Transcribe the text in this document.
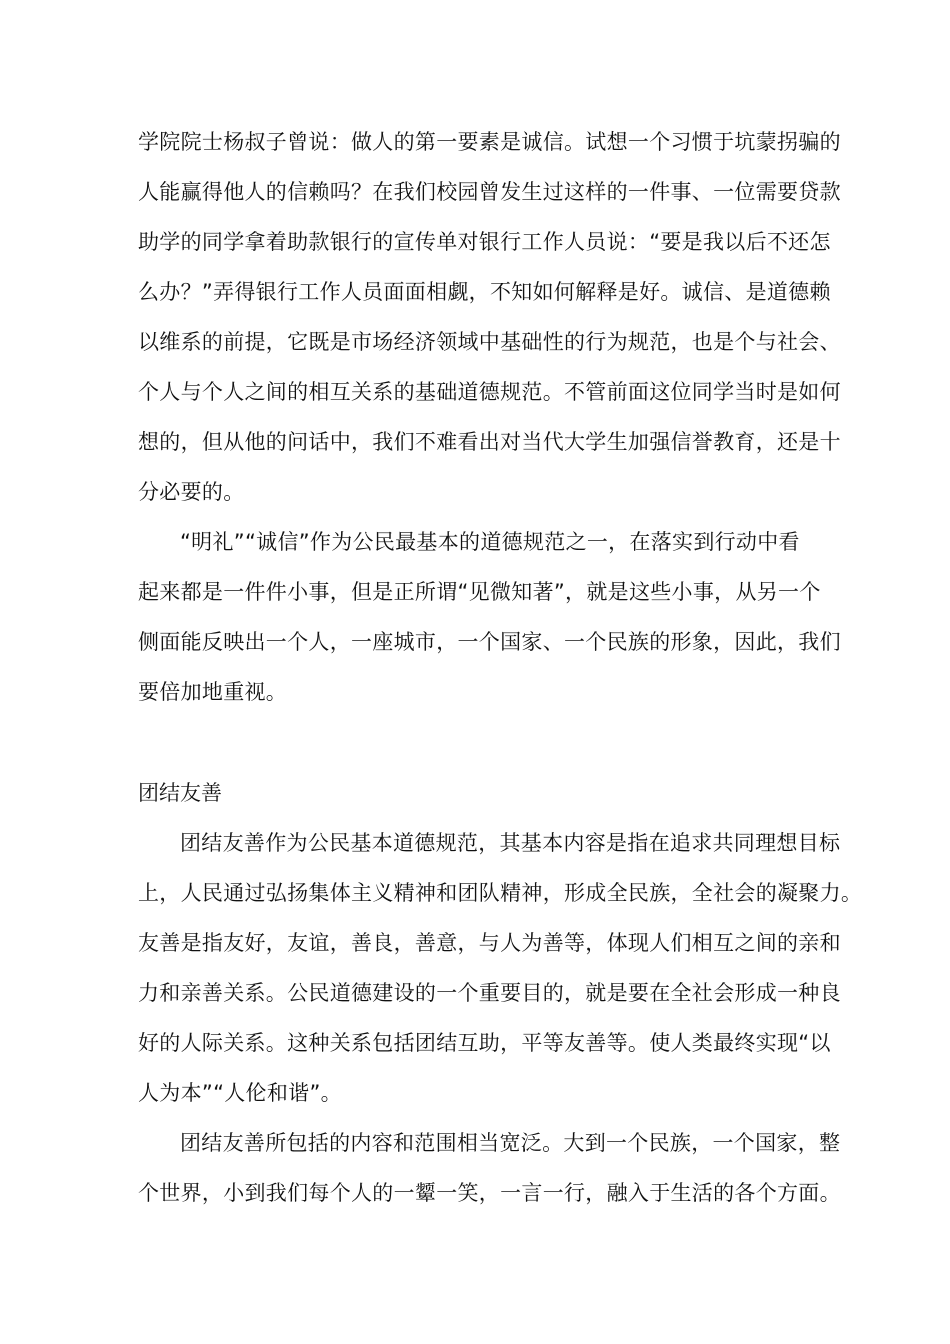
学院院士杨叔子曾说：做人的第一要素是诚信。试想一个习惯于坑蒙拐骗的
人能赢得他人的信赖吗？在我们校园曾发生过这样的一件事、一位需要贷款
助学的同学拿着助款银行的宣传单对银行工作人员说：“要是我以后不还怎
么办？”弄得银行工作人员面面相觑，不知如何解释是好。诚信、是道德赖
以维系的前提，它既是市场经济领域中基础性的行为规范，也是个与社会、
个人与个人之间的相互关系的基础道德规范。不管前面这位同学当时是如何
想的，但从他的问话中，我们不难看出对当代大学生加强信誉教育，还是十
分必要的。
“明礼”“诚信”作为公民最基本的道德规范之一，在落实到行动中看
起来都是一件件小事，但是正所谓“见微知著”，就是这些小事，从另一个
侧面能反映出一个人，一座城市，一个国家、一个民族的形象，因此，我们
要倍加地重视。
团结友善
团结友善作为公民基本道德规范，其基本内容是指在追求共同理想目标
上，人民通过弘扬集体主义精神和团队精神，形成全民族，全社会的凝聚力。
友善是指友好，友谊，善良，善意，与人为善等，体现人们相互之间的亲和
力和亲善关系。公民道德建设的一个重要目的，就是要在全社会形成一种良
好的人际关系。这种关系包括团结互助，平等友善等。使人类最终实现“以
人为本”“人伦和谐”。
团结友善所包括的内容和范围相当宽泛。大到一个民族，一个国家，整
个世界，小到我们每个人的一颦一笑，一言一行，融入于生活的各个方面。
